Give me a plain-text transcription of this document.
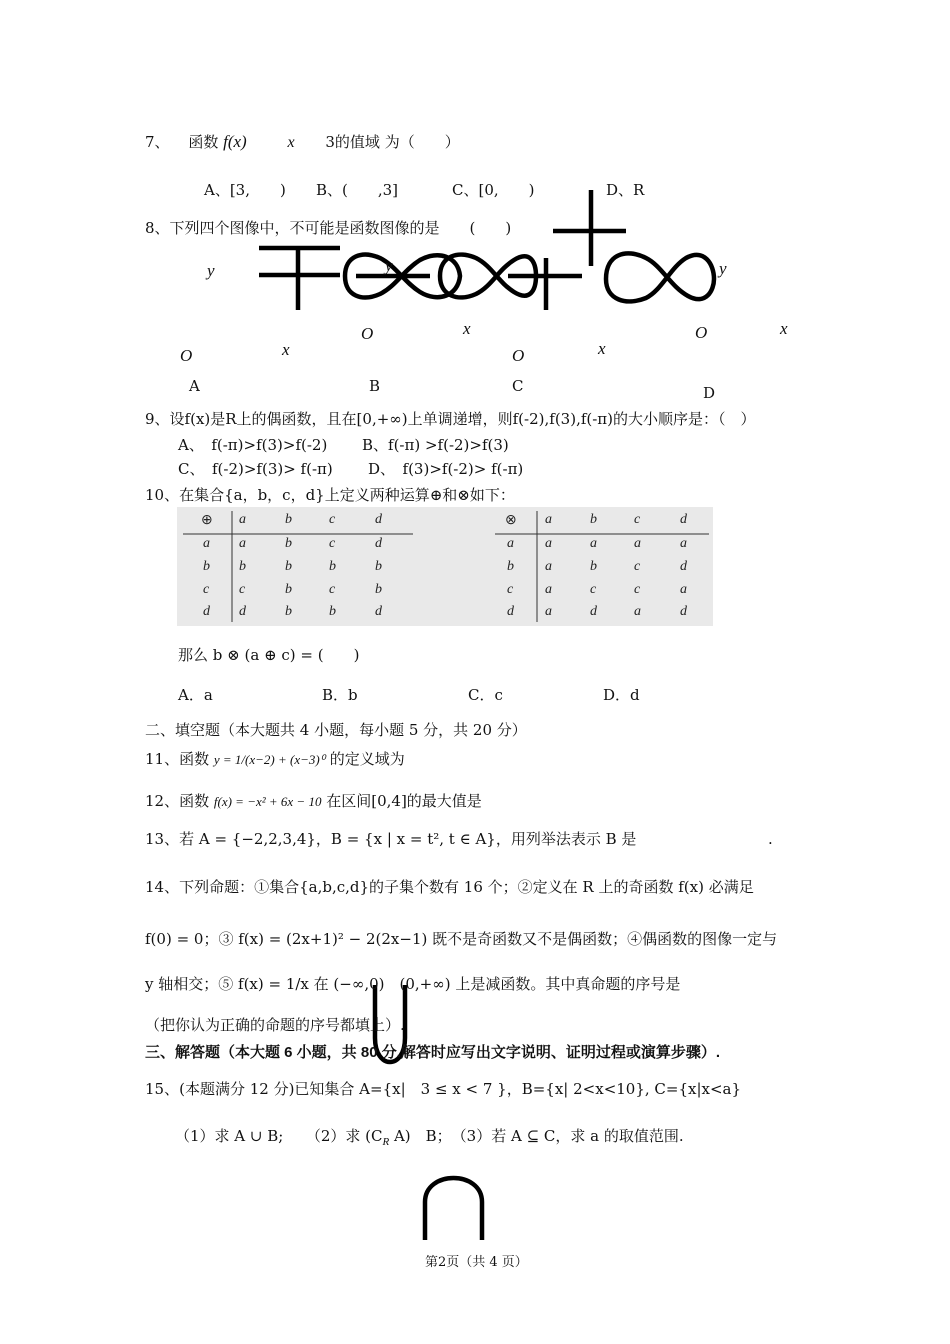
7、 函数 f(x)	x 3的值域 为（　　）
A、[3,　　) B、(　　,3]	C、[0,　　)	D、R
8、下列四个图像中，不可能是函数图像的是　　(　　)
y	y	y
O
O
O
O
x
x
x
x
A	B	C	D
9、设f(x)是R上的偶函数，且在[0,+∞)上单调递增，则f(-2),f(3),f(-π)的大小顺序是：（　）
A、　f(-π)>f(3)>f(-2) B、f(-π) >f(-2)>f(3)
C、　f(-2)>f(3)> f(-π) D、　f(3)>f(-2)> f(-π)
10、在集合{a，b，c，d}上定义两种运算⊕和⊗如下：
⊕ a	b	c	d
a a	b	c	d
b b	b	b	b
c c	b	c	b
d d	b	b	d
⊗ a	b	c	d
a a	a	a	a
b a	b	c	d
c a	c	c	a
d a	d	a	d
那么 b ⊗ (a ⊕ c) = (　　)
A．a	B．b	C．c	D．d
二、填空题（本大题共 4 小题，每小题 5 分，共 20 分）
11、函数 y = 1/(x−2) + (x−3)⁰ 的定义域为
12、函数 f(x) = −x² + 6x − 10 在区间[0,4]的最大值是
13、若 A = {−2,2,3,4}，B = {x | x = t², t ∈ A}，用列举法表示 B 是	.
14、下列命题：①集合{a,b,c,d}的子集个数有 16 个；②定义在 R 上的奇函数 f(x) 必满足
f(0) = 0；③ f(x) = (2x+1)² − 2(2x−1) 既不是奇函数又不是偶函数；④偶函数的图像一定与
y 轴相交；⑤ f(x) = 1/x 在 (−∞,0)　(0,+∞) 上是减函数。其中真命题的序号是
（把你认为正确的命题的序号都填上）.
三、解答题（本大题 6 小题，共 80 分.解答时应写出文字说明、证明过程或演算步骤）.
15、(本题满分 12 分)已知集合 A={x|　3 ≤ x < 7 }，B={x| 2<x<10}, C={x|x<a}
（1）求 A ∪ B;　　（2）求 ($C_R$ A)　B；　（3）若 A ⊆ C，求 a 的取值范围.
第2页（共 4 页）
